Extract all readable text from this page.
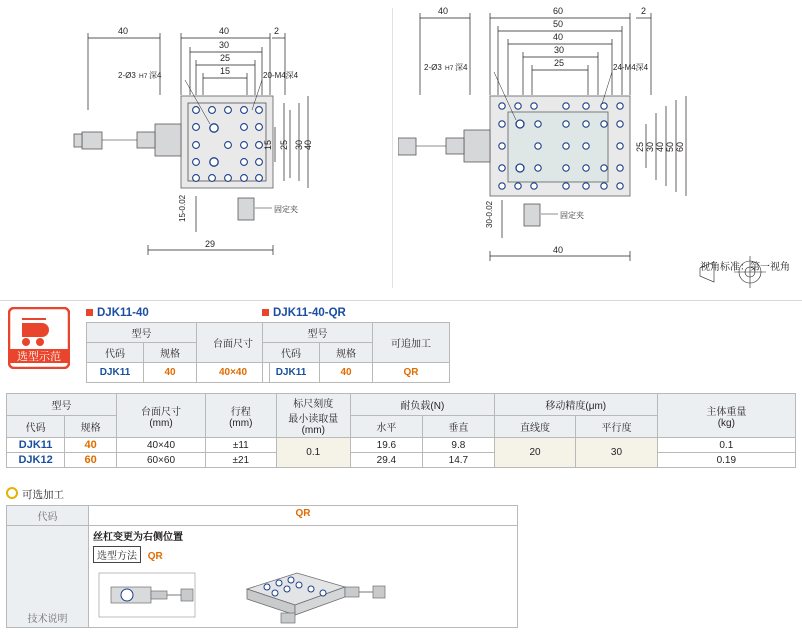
40	40
30
25
15
2
2-Ø3 H7 深4	20-M4深4
固定夹
15 25 30 40
15-0.02
29
40	60
50
40
30
25
2
2-Ø3 H7 深4	24-M4深4
固定夹
25 30 40 50 60
30-0.02
40
视角标准：第一视角
选型示范
DJK11-40
型号		台面尺寸
代码	规格	
DJK11	40	40×40
DJK11-40-QR
型号		可追加工
代码	规格	
DJK11	40	QR
型号	台面尺寸
(mm)

行程
(mm)

标尺刻度
最小读取量
(mm)
	耐负载(N)	移动精度(μm)	主体重量
(kg)

代码	规格				水平	垂直	直线度	平行度	
DJK11	40	40×40	±11	0.1	19.6	9.8	20	30	0.1
DJK12	60	60×60	±21		29.4	14.7			0.19
可选加工
代码	QR
技术说明	丝杠变更为右侧位置
选型方法 QR
